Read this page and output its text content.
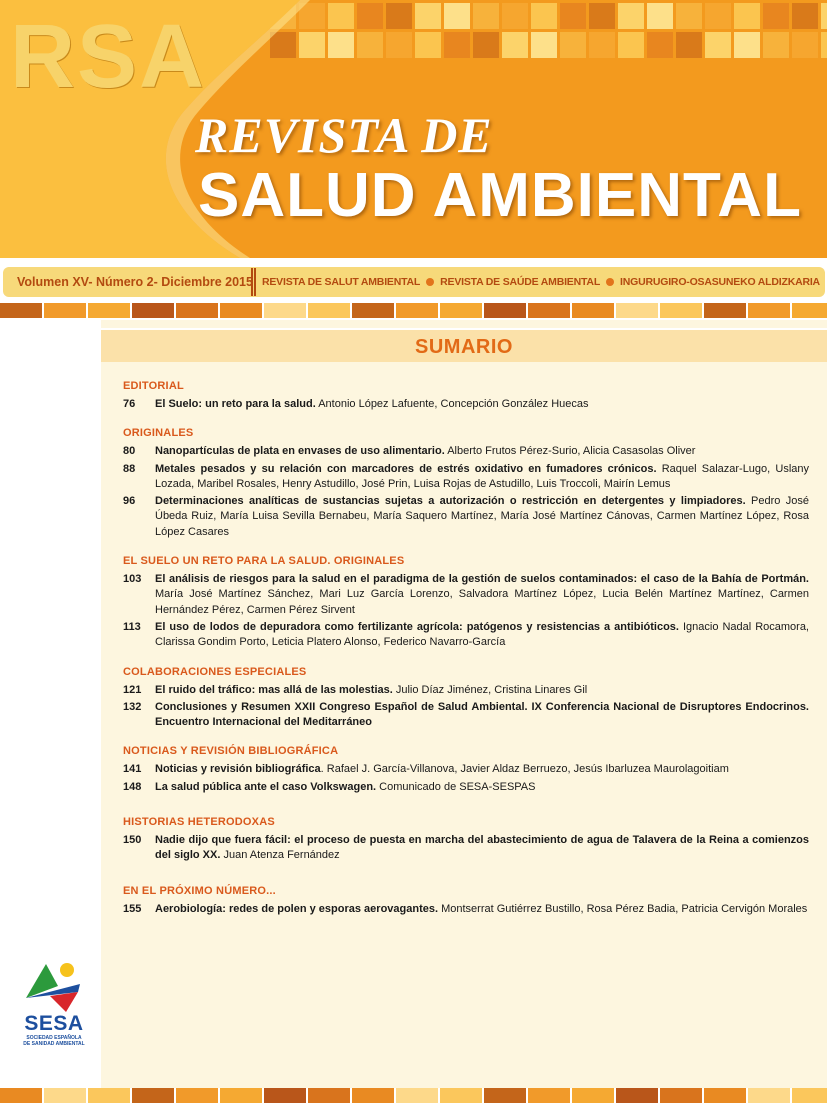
RSA
REVISTA DE
SALUD AMBIENTAL
Volumen XV- Número 2- Diciembre 2015 REVISTA DE SALUT AMBIENTAL REVISTA DE SAÚDE AMBIENTAL INGURUGIRO-OSASUNEKO ALDIZKARIA
SUMARIO
EDITORIAL
76	El Suelo: un reto para la salud. Antonio López Lafuente, Concepción González Huecas
ORIGINALES
80	Nanopartículas de plata en envases de uso alimentario. Alberto Frutos Pérez-Surio, Alicia Casasolas Oliver
88	Metales pesados y su relación con marcadores de estrés oxidativo en fumadores crónicos. Raquel Salazar-Lugo, Uslany Lozada, Maribel Rosales, Henry Astudillo, José Prin, Luisa Rojas de Astudillo, Luis Troccoli, Mairín Lemus
96	Determinaciones analíticas de sustancias sujetas a autorización o restricción en detergentes y limpiadores. Pedro José Úbeda Ruiz, María Luisa Sevilla Bernabeu, María Saquero Martínez, María José Martínez Cánovas, Carmen Martínez López, Rosa López Casares
EL SUELO UN RETO PARA LA SALUD. ORIGINALES
103	El análisis de riesgos para la salud en el paradigma de la gestión de suelos contaminados: el caso de la Bahía de Portmán. María José Martínez Sánchez, Mari Luz García Lorenzo, Salvadora Martínez López, Lucia Belén Martínez Martínez, Carmen Hernández Pérez, Carmen Pérez Sirvent
113	El uso de lodos de depuradora como fertilizante agrícola: patógenos y resistencias a antibióticos. Ignacio Nadal Rocamora, Clarissa Gondim Porto, Leticia Platero Alonso, Federico Navarro-García
COLABORACIONES ESPECIALES
121	El ruido del tráfico: mas allá de las molestias. Julio Díaz Jiménez, Cristina Linares Gil
132	Conclusiones y Resumen XXII Congreso Español de Salud Ambiental. IX Conferencia Nacional de Disruptores Endocrinos. Encuentro Internacional del Meditarráneo
NOTICIAS Y REVISIÓN BIBLIOGRÁFICA
141	Noticias y revisión bibliográfica. Rafael J. García-Villanova, Javier Aldaz Berruezo, Jesús Ibarluzea Maurolagoitiam
148	La salud pública ante el caso Volkswagen. Comunicado de SESA-SESPAS
HISTORIAS HETERODOXAS
150	Nadie dijo que fuera fácil: el proceso de puesta en marcha del abastecimiento de agua de Talavera de la Reina a comienzos del siglo XX. Juan Atenza Fernández
EN EL PRÓXIMO NÚMERO...
155	Aerobiología: redes de polen y esporas aerovagantes. Montserrat Gutiérrez Bustillo, Rosa Pérez Badia, Patricia Cervigón Morales
SESA
SOCIEDAD ESPAÑOLA
DE SANIDAD AMBIENTAL
